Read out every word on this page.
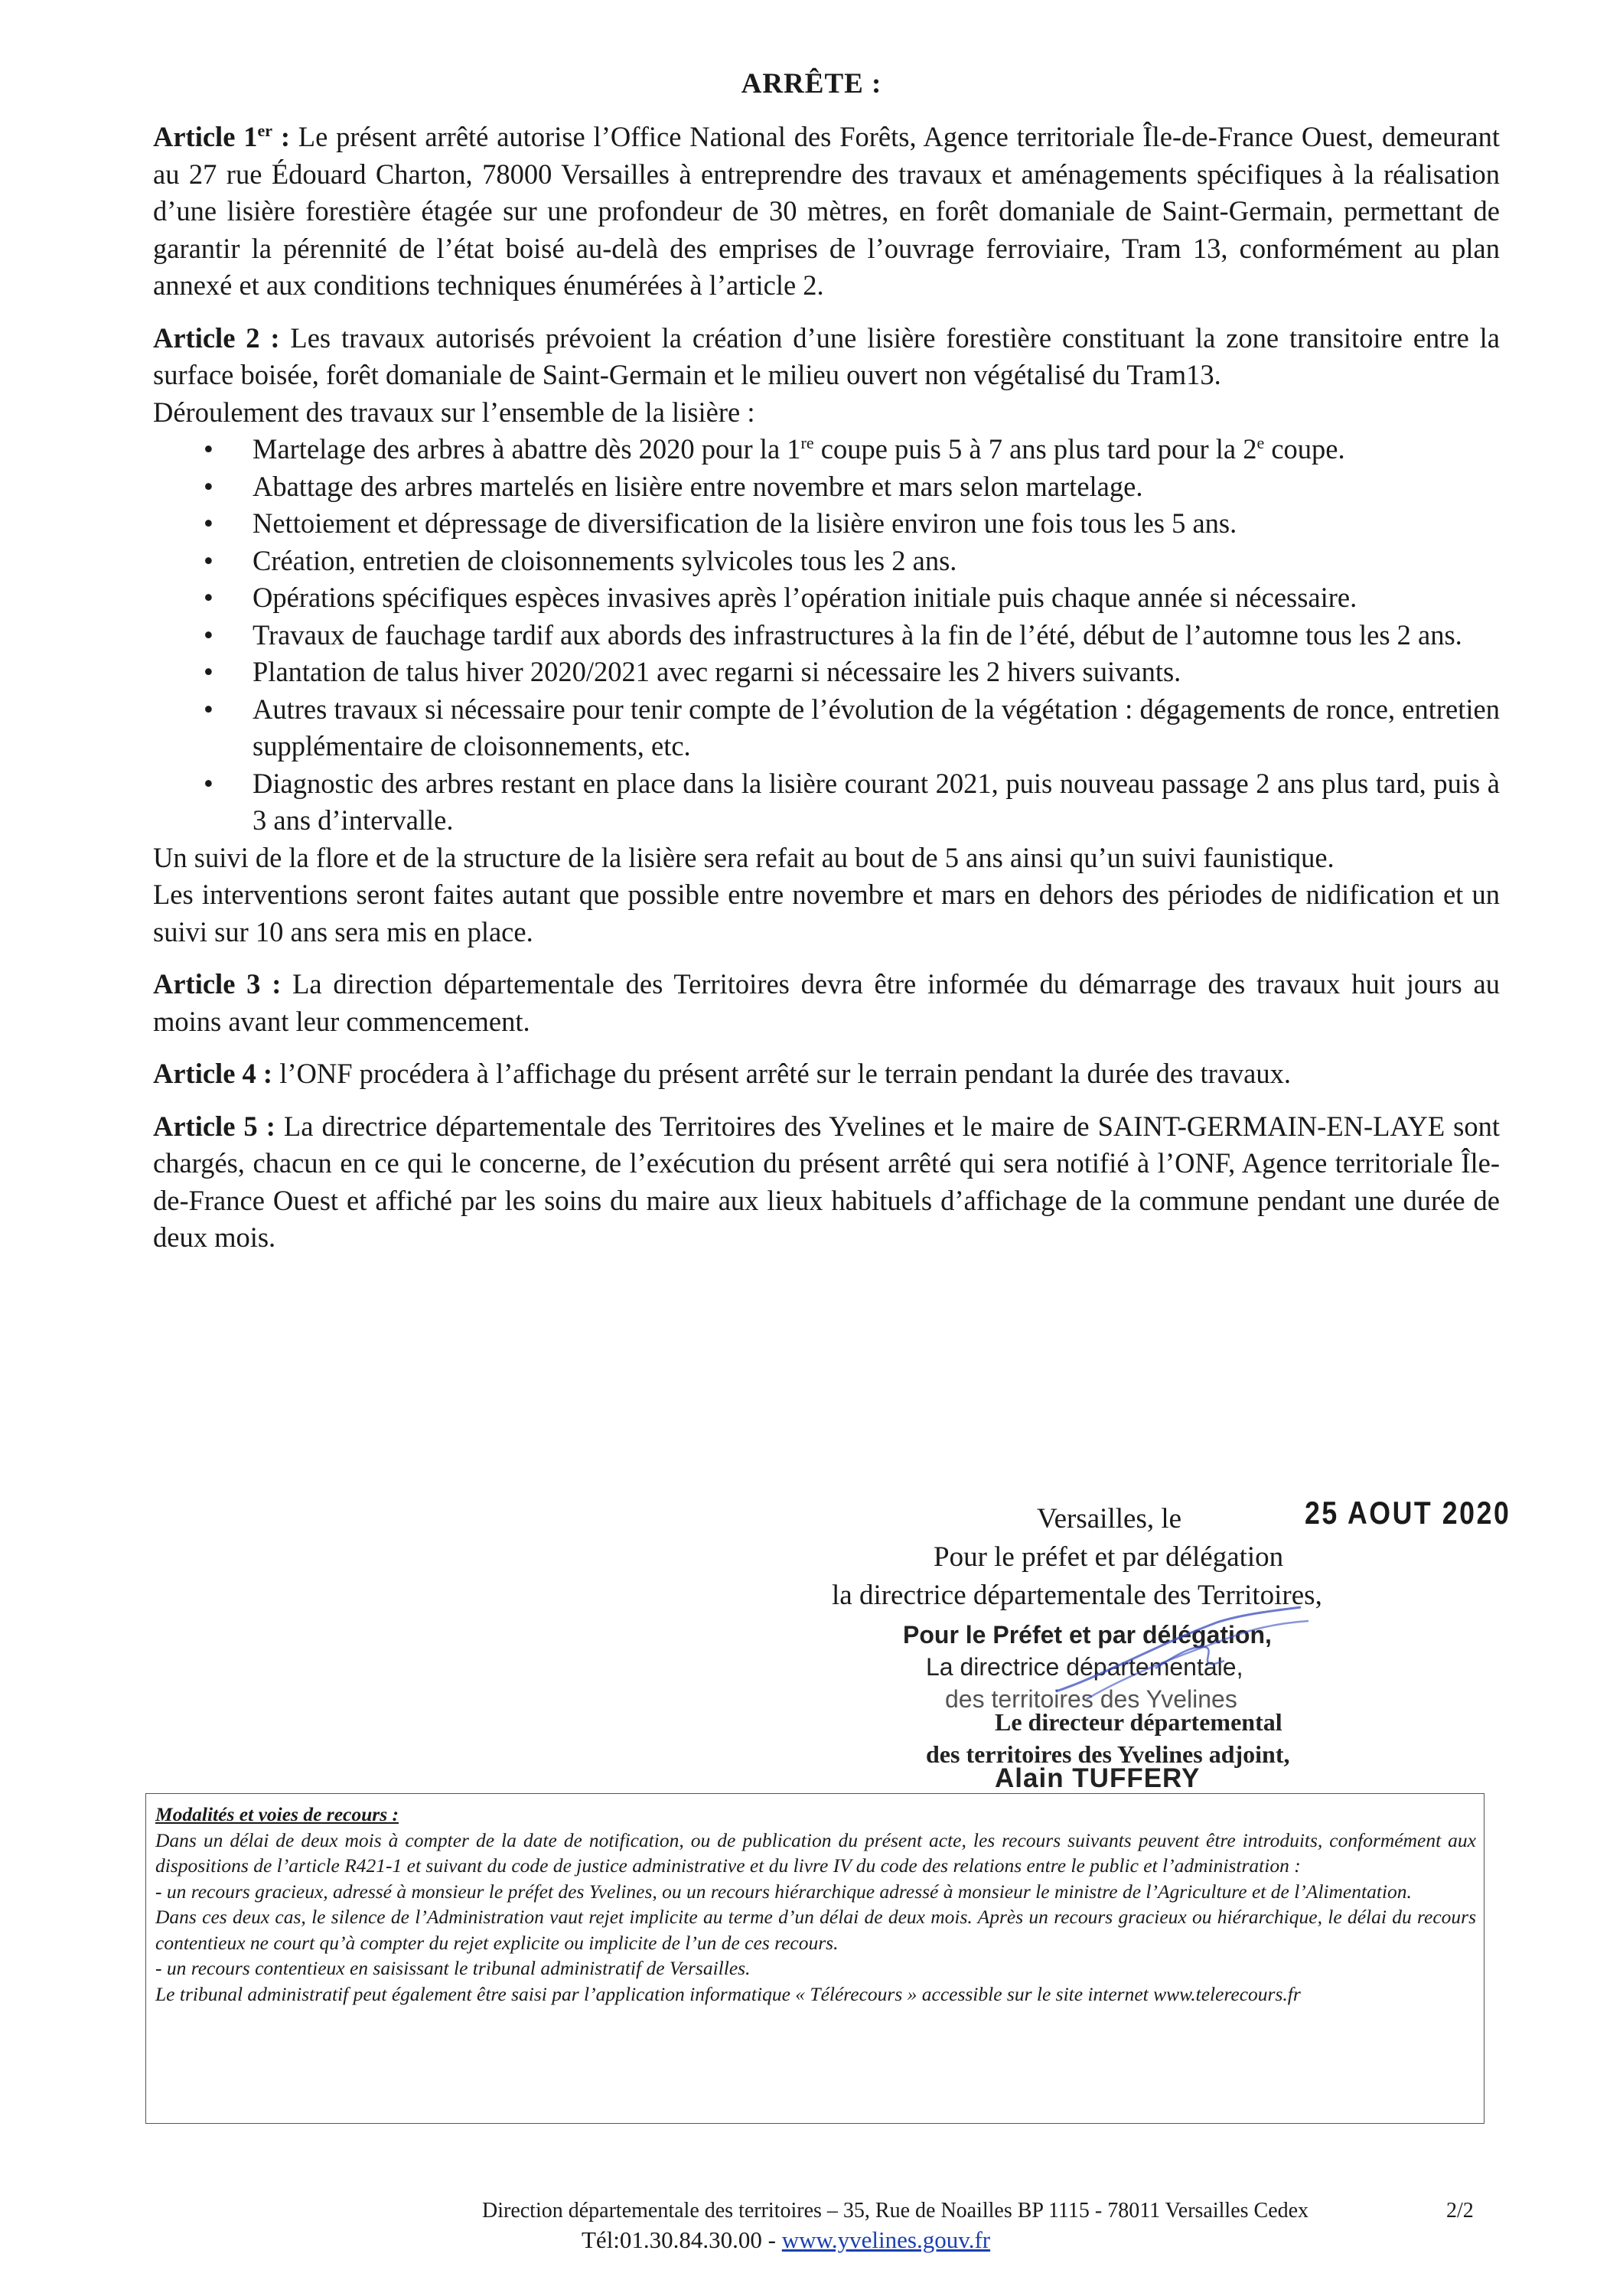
ARRÊTE :

Article 1er : Le présent arrêté autorise l’Office National des Forêts, Agence territoriale Île-de-France Ouest, demeurant au 27 rue Édouard Charton, 78000 Versailles à entreprendre des travaux et aménagements spécifiques à la réalisation d’une lisière forestière étagée sur une profondeur de 30 mètres, en forêt domaniale de Saint-Germain, permettant de garantir la pérennité de l’état boisé au-delà des emprises de l’ouvrage ferroviaire, Tram 13, conformément au plan annexé et aux conditions techniques énumérées à l’article 2.

Article 2 : Les travaux autorisés prévoient la création d’une lisière forestière constituant la zone transitoire entre la surface boisée, forêt domaniale de Saint-Germain et le milieu ouvert non végétalisé du Tram13.

Déroulement des travaux sur l’ensemble de la lisière :

• Martelage des arbres à abattre dès 2020 pour la 1re coupe puis 5 à 7 ans plus tard pour la 2e coupe.
• Abattage des arbres martelés en lisière entre novembre et mars selon martelage.
• Nettoiement et dépressage de diversification de la lisière environ une fois tous les 5 ans.
• Création, entretien de cloisonnements sylvicoles tous les 2 ans.
• Opérations spécifiques espèces invasives après l’opération initiale puis chaque année si nécessaire.
• Travaux de fauchage tardif aux abords des infrastructures à la fin de l’été, début de l’automne tous les 2 ans.
• Plantation de talus hiver 2020/2021 avec regarni si nécessaire les 2 hivers suivants.
• Autres travaux si nécessaire pour tenir compte de l’évolution de la végétation : dégagements de ronce, entretien supplémentaire de cloisonnements, etc.
• Diagnostic des arbres restant en place dans la lisière courant 2021, puis nouveau passage 2 ans plus tard, puis à 3 ans d’intervalle.

Un suivi de la flore et de la structure de la lisière sera refait au bout de 5 ans ainsi qu’un suivi faunistique.

Les interventions seront faites autant que possible entre novembre et mars en dehors des périodes de nidification et un suivi sur 10 ans sera mis en place.

Article 3 : La direction départementale des Territoires devra être informée du démarrage des travaux huit jours au moins avant leur commencement.

Article 4 : l’ONF procédera à l’affichage du présent arrêté sur le terrain pendant la durée des travaux.

Article 5 : La directrice départementale des Territoires des Yvelines et le maire de SAINT-GERMAIN-EN-LAYE sont chargés, chacun en ce qui le concerne, de l’exécution du présent arrêté qui sera notifié à l’ONF, Agence territoriale Île-de-France Ouest et affiché par les soins du maire aux lieux habituels d’affichage de la commune pendant une durée de deux mois.

Versailles, le	25 AOUT 2020
Pour le préfet et par délégation
la directrice départementale des Territoires,
Pour le Préfet et par délégation,
La directrice départementale,
des territoires des Yvelines
Le directeur départemental
des territoires des Yvelines adjoint,
Alain TUFFERY

Modalités et voies de recours :

Dans un délai de deux mois à compter de la date de notification, ou de publication du présent acte, les recours suivants peuvent être introduits, conformément aux dispositions de l’article R421-1 et suivant du code de justice administrative et du livre IV du code des relations entre le public et l’administration :

- un recours gracieux, adressé à monsieur le préfet des Yvelines, ou un recours hiérarchique adressé à monsieur le ministre de l’Agriculture et de l’Alimentation.

Dans ces deux cas, le silence de l’Administration vaut rejet implicite au terme d’un délai de deux mois. Après un recours gracieux ou hiérarchique, le délai du recours contentieux ne court qu’à compter du rejet explicite ou implicite de l’un de ces recours.

- un recours contentieux en saisissant le tribunal administratif de Versailles.

Le tribunal administratif peut également être saisi par l’application informatique « Télérecours » accessible sur le site internet www.telerecours.fr

Direction départementale des territoires – 35, Rue de Noailles BP 1115 - 78011 Versailles Cedex	2/2
Tél:01.30.84.30.00 - www.yvelines.gouv.fr
